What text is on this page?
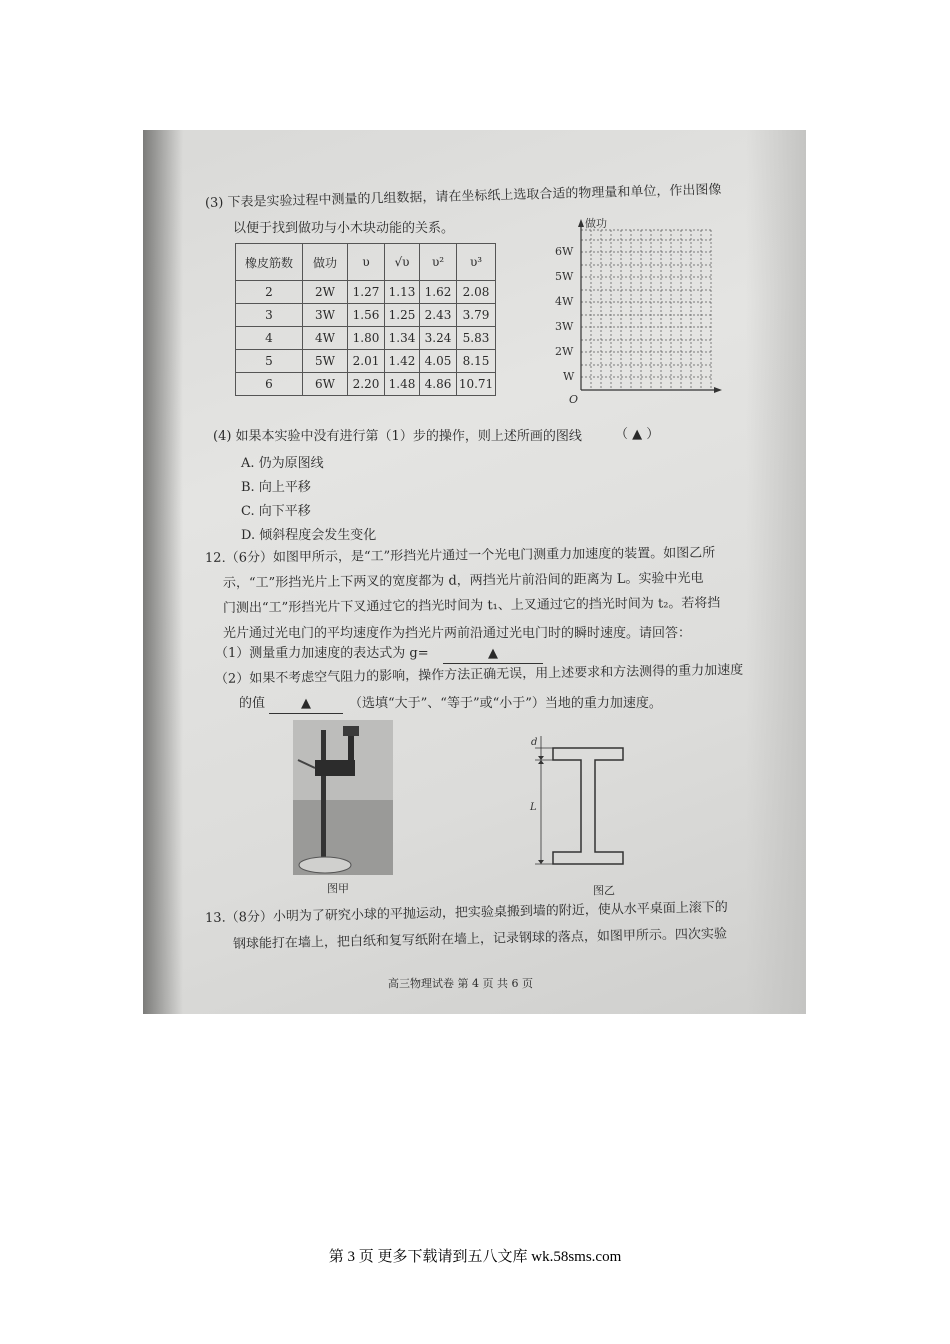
(3) 下表是实验过程中测量的几组数据，请在坐标纸上选取合适的物理量和单位，作出图像
以便于找到做功与小木块动能的关系。
橡皮筋数	做功	υ	√υ	υ²	υ³
2	2W	1.27	1.13	1.62	2.08
3	3W	1.56	1.25	2.43	3.79
4	4W	1.80	1.34	3.24	5.83
5	5W	2.01	1.42	4.05	8.15
6	6W	2.20	1.48	4.86	10.71
做功
6W
5W
4W
3W
2W
W
O
(4) 如果本实验中没有进行第（1）步的操作，则上述所画的图线	（ ▲ ）
A. 仍为原图线
B. 向上平移
C. 向下平移
D. 倾斜程度会发生变化
12.（6分）如图甲所示，是“工”形挡光片通过一个光电门测重力加速度的装置。如图乙所
示，“工”形挡光片上下两叉的宽度都为 d，两挡光片前沿间的距离为 L。实验中光电
门测出“工”形挡光片下叉通过它的挡光时间为 t₁、上叉通过它的挡光时间为 t₂。若将挡
光片通过光电门的平均速度作为挡光片两前沿通过光电门时的瞬时速度。请回答：
（1）测量重力加速度的表达式为 g=	▲
（2）如果不考虑空气阻力的影响，操作方法正确无误，用上述要求和方法测得的重力加速度
的值	▲	（选填“大于”、“等于”或“小于”）当地的重力加速度。
图甲
d
L
图乙
13.（8分）小明为了研究小球的平抛运动，把实验桌搬到墙的附近，使从水平桌面上滚下的
钢球能打在墙上，把白纸和复写纸附在墙上，记录钢球的落点，如图甲所示。四次实验
高三物理试卷 第 4 页 共 6 页
第 3 页 更多下载请到五八文库 wk.58sms.com
